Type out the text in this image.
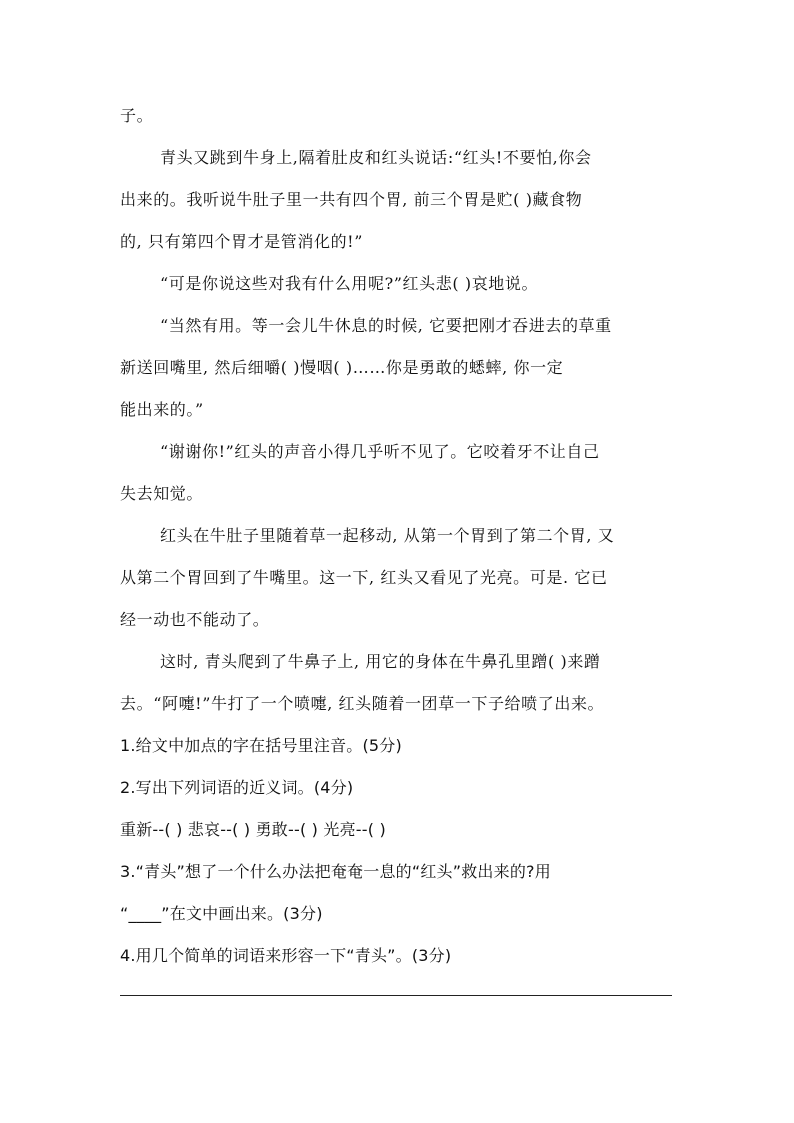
子。
青头又跳到牛身上,隔着肚皮和红头说话:“红头!不要怕,你会
出来的。我听说牛肚子里一共有四个胃, 前三个胃是贮( )藏食物
的, 只有第四个胃才是管消化的!”
“可是你说这些对我有什么用呢?”红头悲( )哀地说。
“当然有用。等一会儿牛休息的时候, 它要把刚才吞进去的草重
新送回嘴里, 然后细嚼( )慢咽( )……你是勇敢的蟋蟀, 你一定
能出来的。”
“谢谢你!”红头的声音小得几乎听不见了。它咬着牙不让自己
失去知觉。
红头在牛肚子里随着草一起移动, 从第一个胃到了第二个胃, 又
从第二个胃回到了牛嘴里。这一下, 红头又看见了光亮。可是. 它已
经一动也不能动了。
这时, 青头爬到了牛鼻子上, 用它的身体在牛鼻孔里蹭( )来蹭
去。“阿嚏!”牛打了一个喷嚏, 红头随着一团草一下子给喷了出来。
1.给文中加点的字在括号里注音。(5分)
2.写出下列词语的近义词。(4分)
重新--( ) 悲哀--( ) 勇敢--( ) 光亮--( )
3.“青头”想了一个什么办法把奄奄一息的“红头”救出来的?用
“____”在文中画出来。(3分)
4.用几个简单的词语来形容一下“青头”。(3分)
